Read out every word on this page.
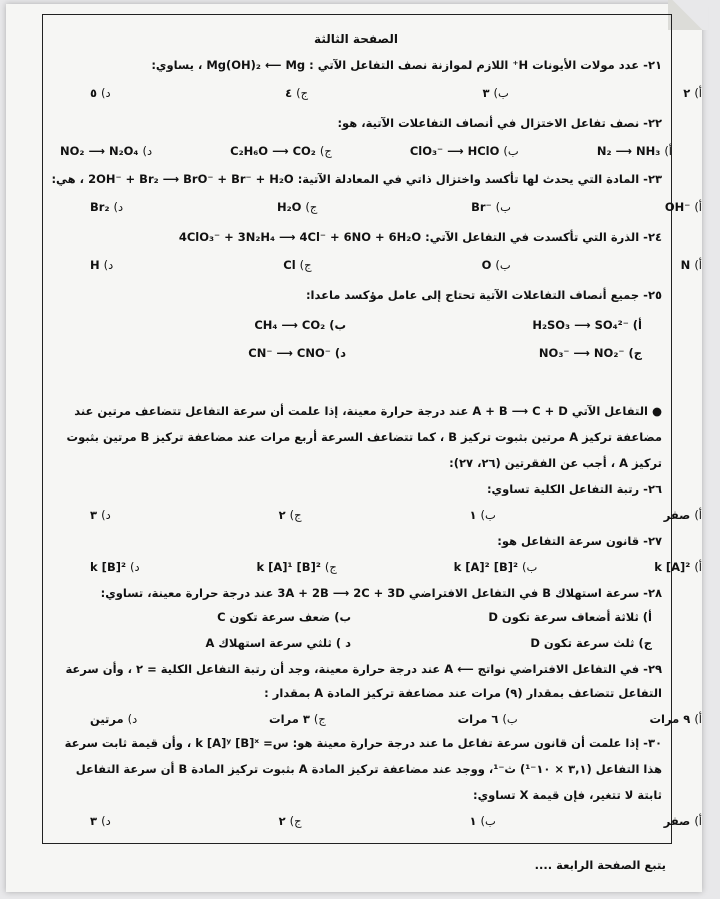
الصفحة الثالثة
٢١- عدد مولات الأيونات H⁺ اللازم لموازنة نصف التفاعل الآتي : Mg(OH)₂ ⟵ Mg ، يساوي:
أ) ٢
ب) ٣
ج) ٤
د) ٥
٢٢- نصف تفاعل الاختزال في أنصاف التفاعلات الآتية، هو:
أ) N₂ ⟶ NH₃
ب) ClO₃⁻ ⟶ HClO
ج) C₂H₆O ⟶ CO₂
د) NO₂ ⟶ N₂O₄
٢٣- المادة التي يحدث لها تأكسد واختزال ذاتي في المعادلة الآتية: 2OH⁻ + Br₂ ⟶ BrO⁻ + Br⁻ + H₂O ، هي:
أ) OH⁻
ب) Br⁻
ج) H₂O
د) Br₂
٢٤- الذرة التي تأكسدت في التفاعل الآتي: 4ClO₃⁻ + 3N₂H₄ ⟶ 4Cl⁻ + 6NO + 6H₂O
أ) N
ب) O
ج) Cl
د) H
٢٥- جميع أنصاف التفاعلات الآتية تحتاج إلى عامل مؤكسد ماعدا:
أ) H₂SO₃ ⟶ SO₄²⁻
ب) CH₄ ⟶ CO₂
ج) NO₃⁻ ⟶ NO₂⁻
د) CN⁻ ⟶ CNO⁻
● التفاعل الآتي A + B ⟶ C + D عند درجة حرارة معينة، إذا علمت أن سرعة التفاعل تتضاعف مرتين عند
مضاعفة تركيز A مرتين بثبوت تركيز B ، كما تتضاعف السرعة أربع مرات عند مضاعفة تركيز B مرتين بثبوت
تركيز A ، أجب عن الفقرتين (٢٦، ٢٧):
٢٦- رتبة التفاعل الكلية تساوي:
أ) صفر
ب) ١
ج) ٢
د) ٣
٢٧- قانون سرعة التفاعل هو:
أ) k [A]²
ب) k [A]² [B]²
ج) k [A]¹ [B]²
د) k [B]²
٢٨- سرعة استهلاك B في التفاعل الافتراضي 3A + 2B ⟶ 2C + 3D عند درجة حرارة معينة، تساوي:
أ) ثلاثة أضعاف سرعة تكون D
ب) ضعف سرعة تكون C
ج) ثلث سرعة تكون D
د ) ثلثي سرعة استهلاك A
٢٩- في التفاعل الافتراضي نواتج ⟵ A عند درجة حرارة معينة، وجد أن رتبة التفاعل الكلية = ٢ ، وأن سرعة
التفاعل تتضاعف بمقدار (٩) مرات عند مضاعفة تركيز المادة A بمقدار :
أ) ٩ مرات
ب) ٦ مرات
ج) ٣ مرات
د) مرتين
٣٠- إذا علمت أن قانون سرعة تفاعل ما عند درجة حرارة معينة هو: س= k [A]ʸ [B]ˣ ، وأن قيمة ثابت سرعة
هذا التفاعل (٣,١ × ١٠⁻¹) ث⁻¹، ووجد عند مضاعفة تركيز المادة A بثبوت تركيز المادة B أن سرعة التفاعل
ثابتة لا تتغير، فإن قيمة X تساوي:
أ) صفر
ب) ١
ج) ٢
د) ٣
يتبع الصفحة الرابعة ....
